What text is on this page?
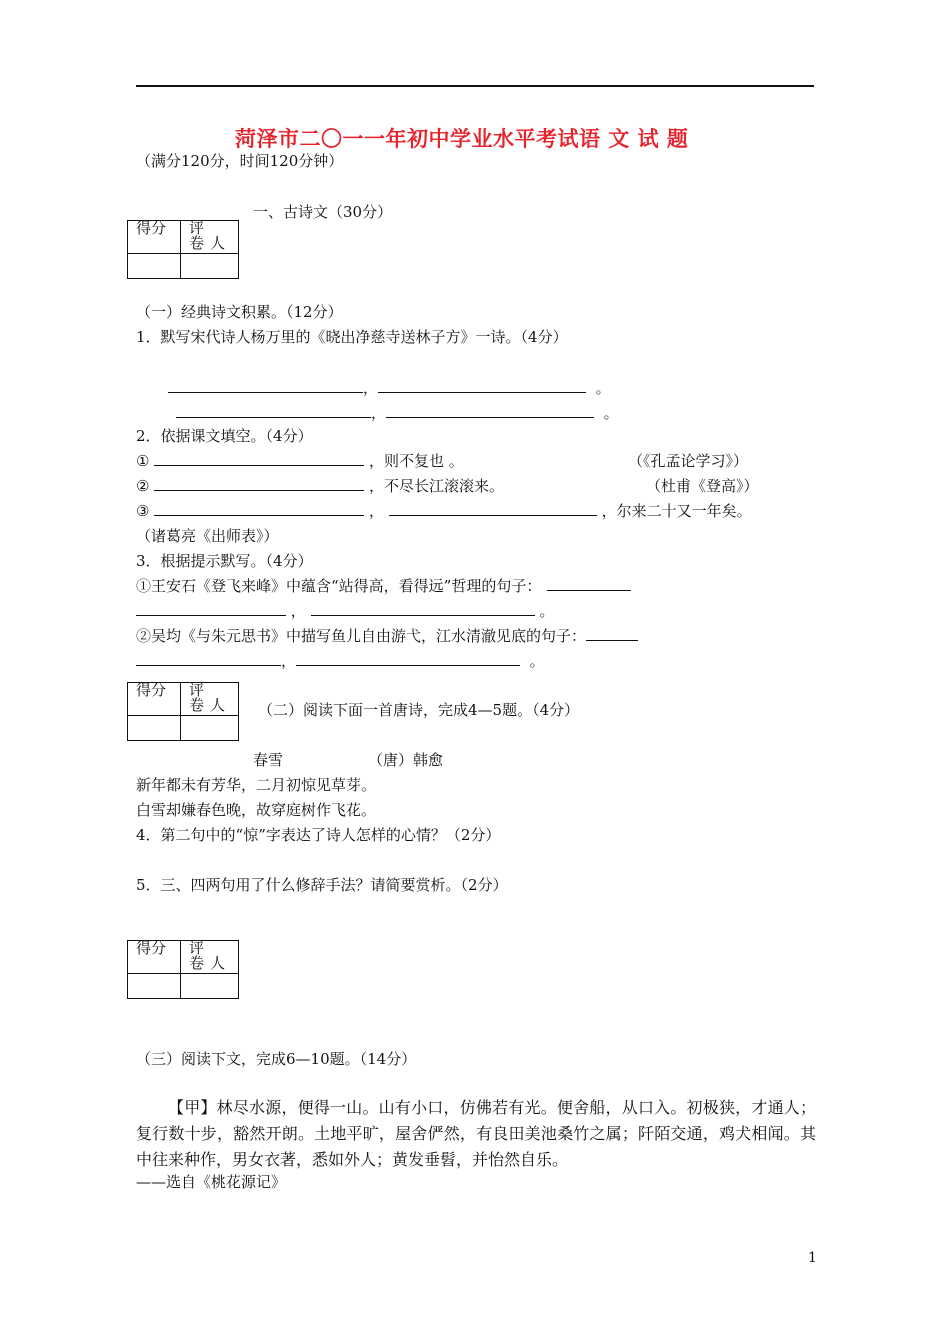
菏泽市二〇一一年初中学业水平考试语 文 试 题
（满分120分，时间120分钟）
得分	评 卷人

一、古诗文（30分）
（一）经典诗文积累。（12分）
1．默写宋代诗人杨万里的《晓出净慈寺送林子方》一诗。（4分）
，	。
，	。
2．依据课文填空。（4分）
①	，则不复也 。	（《孔孟论学习》）
②	，不尽长江滚滚来。	（杜甫《登高》）
③	，	，尔来二十又一年矣。
（诸葛亮《出师表》）
3．根据提示默写。（4分）
①王安石《登飞来峰》中蕴含“站得高，看得远”哲理的句子：
，	。
②吴均《与朱元思书》中描写鱼儿自由游弋，江水清澈见底的句子：
，	。
得分	评 卷人
	（二）阅读下面一首唐诗，完成4—5题。（4分）
春雪	（唐）韩愈
新年都未有芳华，二月初惊见草芽。
白雪却嫌春色晚，故穿庭树作飞花。
4．第二句中的“惊”字表达了诗人怎样的心情？（2分）
5．三、四两句用了什么修辞手法？请简要赏析。（2分）
得分	评 卷人

（三）阅读下文，完成6—10题。（14分）
【甲】林尽水源，便得一山。山有小口，仿佛若有光。便舍船，从口入。初极狭，才通人；复行数十步，豁然开朗。土地平旷，屋舍俨然，有良田美池桑竹之属；阡陌交通，鸡犬相闻。其中往来种作，男女衣著，悉如外人；黄发垂髫，并怡然自乐。
——选自《桃花源记》
1
